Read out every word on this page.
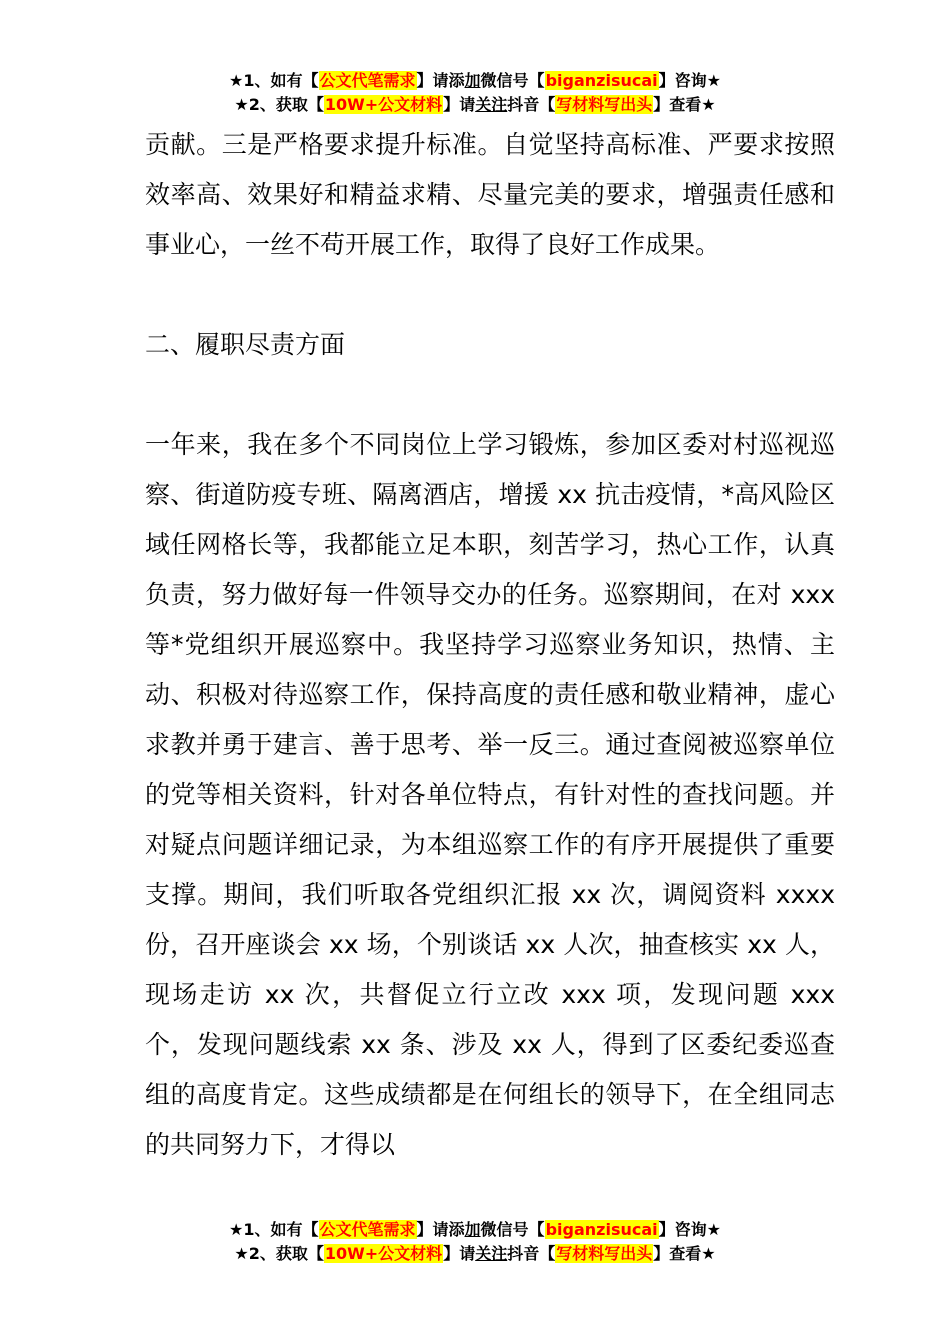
★1、如有【公文代笔需求】请添加微信号【biganzisucai】咨询★
★2、获取【10W+公文材料】请关注抖音【写材料写出头】查看★

贡献。三是严格要求提升标准。自觉坚持高标准、严要求按照效率高、效果好和精益求精、尽量完美的要求，增强责任感和事业心，一丝不苟开展工作，取得了良好工作成果。

二、履职尽责方面

一年来，我在多个不同岗位上学习锻炼，参加区委对村巡视巡察、街道防疫专班、隔离酒店，增援 xx 抗击疫情，*高风险区域任网格长等，我都能立足本职，刻苦学习，热心工作，认真负责，努力做好每一件领导交办的任务。巡察期间，在对 xxx 等*党组织开展巡察中。我坚持学习巡察业务知识，热情、主动、积极对待巡察工作，保持高度的责任感和敬业精神，虚心求教并勇于建言、善于思考、举一反三。通过查阅被巡察单位的党等相关资料，针对各单位特点，有针对性的查找问题。并对疑点问题详细记录，为本组巡察工作的有序开展提供了重要支撑。期间，我们听取各党组织汇报 xx 次，调阅资料 xxxx 份，召开座谈会 xx 场，个别谈话 xx 人次，抽查核实 xx 人，现场走访 xx 次，共督促立行立改 xxx 项，发现问题 xxx 个，发现问题线索 xx 条、涉及 xx 人，得到了区委纪委巡查组的高度肯定。这些成绩都是在何组长的领导下，在全组同志的共同努力下，才得以

★1、如有【公文代笔需求】请添加微信号【biganzisucai】咨询★
★2、获取【10W+公文材料】请关注抖音【写材料写出头】查看★
